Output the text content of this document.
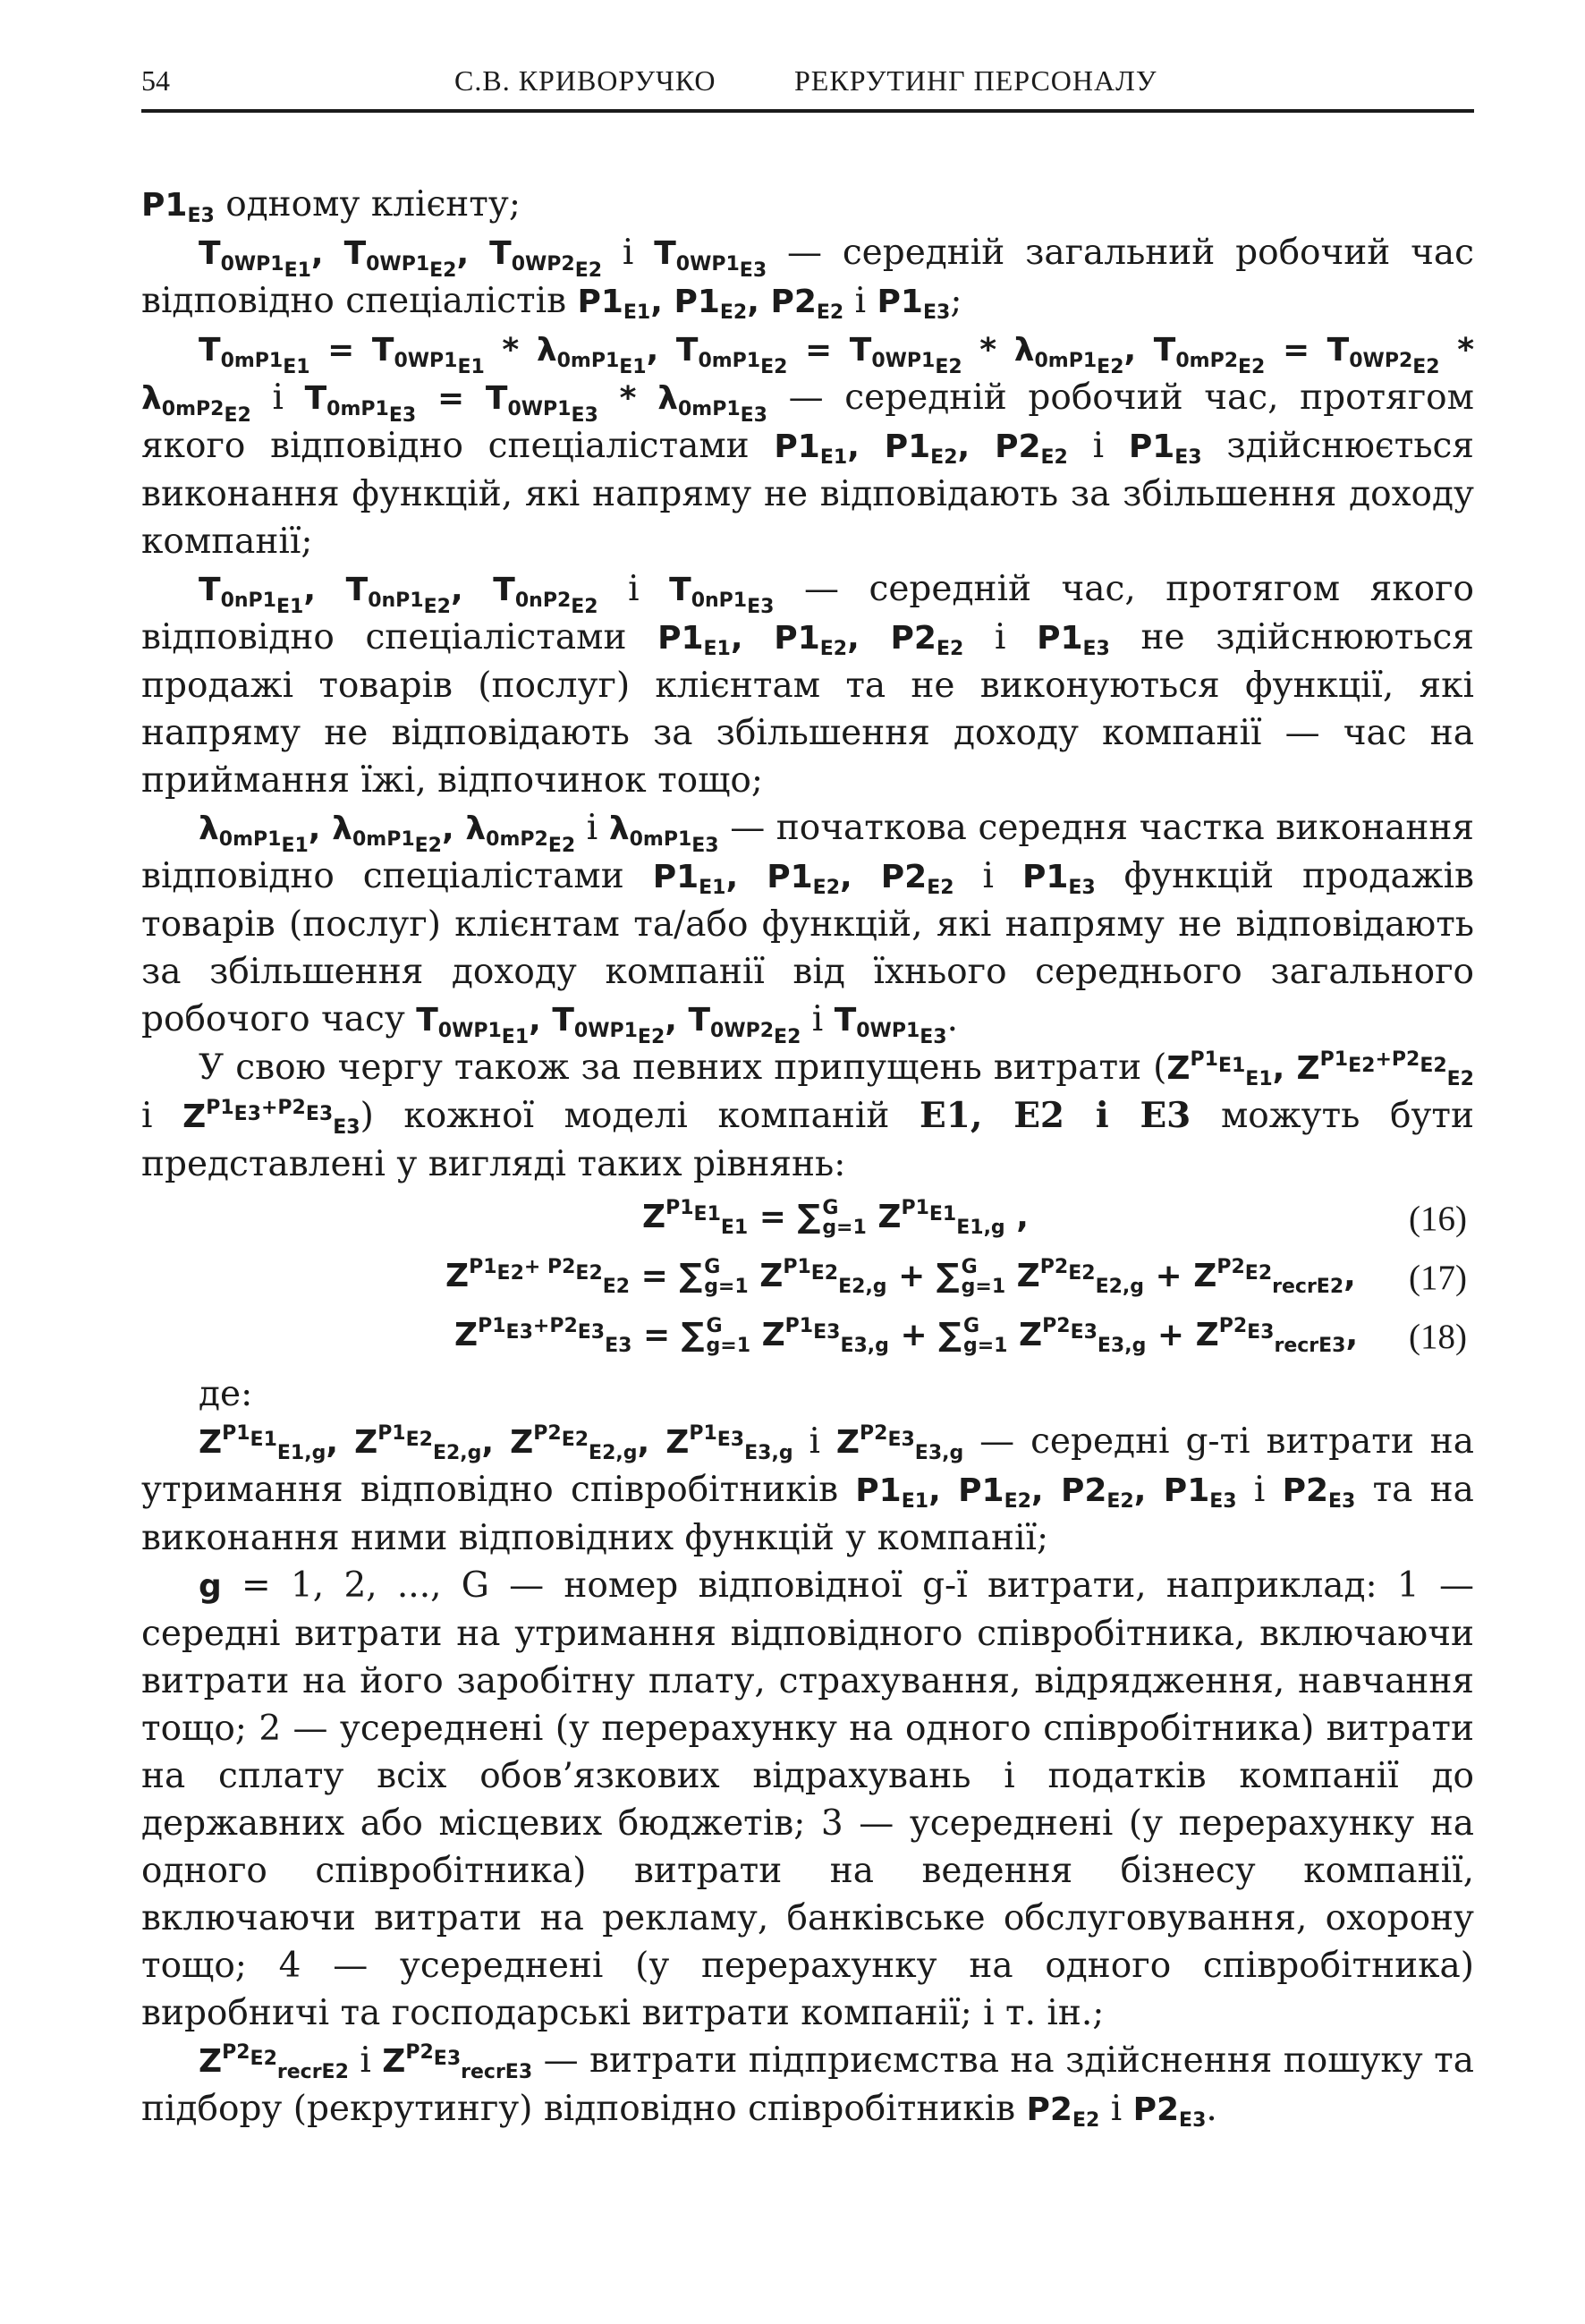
54	С.В. КРИВОРУЧКО	РЕКРУТИНГ ПЕРСОНАЛУ

$P1_{E3}$ одному клієнту;

$T_{0WP1_{E1}}$, $T_{0WP1_{E2}}$, $T_{0WP2_{E2}}$ і $T_{0WP1_{E3}}$ — середній загальний робочий час відповідно спеціалістів $P1_{E1}$, $P1_{E2}$, $P2_{E2}$ і $P1_{E3}$;

$T_{0mP1_{E1}} = T_{0WP1_{E1}} * \lambda_{0mP1_{E1}}$, $T_{0mP1_{E2}} = T_{0WP1_{E2}} * \lambda_{0mP1_{E2}}$, $T_{0mP2_{E2}} = T_{0WP2_{E2}} * \lambda_{0mP2_{E2}}$ і $T_{0mP1_{E3}} = T_{0WP1_{E3}} * \lambda_{0mP1_{E3}}$ — середній робочий час, протягом якого відповідно спеціалістами $P1_{E1}$, $P1_{E2}$, $P2_{E2}$ і $P1_{E3}$ здійснюється виконання функцій, які напряму не відповідають за збільшення доходу компанії;

$T_{0nP1_{E1}}$, $T_{0nP1_{E2}}$, $T_{0nP2_{E2}}$ і $T_{0nP1_{E3}}$ — середній час, протягом якого відповідно спеціалістами $P1_{E1}$, $P1_{E2}$, $P2_{E2}$ і $P1_{E3}$ не здійснюються продажі товарів (послуг) клієнтам та не виконуються функції, які напряму не відповідають за збільшення доходу компанії — час на приймання їжі, відпочинок тощо;

$\lambda_{0mP1_{E1}}$, $\lambda_{0mP1_{E2}}$, $\lambda_{0mP2_{E2}}$ і $\lambda_{0mP1_{E3}}$ — початкова середня частка виконання відповідно спеціалістами $P1_{E1}$, $P1_{E2}$, $P2_{E2}$ і $P1_{E3}$ функцій продажів товарів (послуг) клієнтам та/або функцій, які напряму не відповідають за збільшення доходу компанії від їхнього середнього загального робочого часу $T_{0WP1_{E1}}$, $T_{0WP1_{E2}}$, $T_{0WP2_{E2}}$ і $T_{0WP1_{E3}}$.

У свою чергу також за певних припущень витрати ($Z^{P1_{E1}}_{E1}$, $Z^{P1_{E2}+P2_{E2}}_{E2}$ і $Z^{P1_{E3}+P2_{E3}}_{E3}$) кожної моделі компаній E1, E2 і E3 можуть бути представлені у вигляді таких рівнянь:

$Z^{P1_{E1}}_{E1}$ = ∑ G
g=1 $Z^{P1_{E1}}_{E1,g}$ ,	(16)
$Z^{P1_{E2}+ P2_{E2}}_{E2}$ = ∑ G
g=1 $Z^{P1_{E2}}_{E2,g}$ + ∑ G
g=1 $Z^{P2_{E2}}_{E2,g} + Z^{P2_{E2}}_{recrE2}$, (17)
$Z^{P1_{E3}+P2_{E3}}_{E3}$ = ∑ G
g=1 $Z^{P1_{E3}}_{E3,g}$ + ∑ G
g=1 $Z^{P2_{E3}}_{E3,g} + Z^{P2_{E3}}_{recrE3}$, (18)

де:

$Z^{P1_{E1}}_{E1,g}$, $Z^{P1_{E2}}_{E2,g}$, $Z^{P2_{E2}}_{E2,g}$, $Z^{P1_{E3}}_{E3,g}$ і $Z^{P2_{E3}}_{E3,g}$ — середні g-ті витрати на утримання відповідно співробітників $P1_{E1}$, $P1_{E2}$, $P2_{E2}$, $P1_{E3}$ і $P2_{E3}$ та на виконання ними відповідних функцій у компанії;

g = 1, 2, ..., G — номер відповідної g-ї витрати, наприклад: 1 — середні витрати на утримання відповідного співробітника, включаючи витрати на його заробітну плату, страхування, відрядження, навчання тощо; 2 — усереднені (у перерахунку на одного співробітника) витрати на сплату всіх обов’язкових відрахувань і податків компанії до державних або місцевих бюджетів; 3 — усереднені (у перерахунку на одного співробітника) витрати на ведення бізнесу компанії, включаючи витрати на рекламу, банківське обслуговування, охорону тощо; 4 — усереднені (у перерахунку на одного співробітника) виробничі та господарські витрати компанії; і т. ін.;

$Z^{P2_{E2}}_{recrE2}$ і $Z^{P2_{E3}}_{recrE3}$ — витрати підприємства на здійснення пошуку та підбору (рекрутингу) відповідно співробітників $P2_{E2}$ і $P2_{E3}$.
